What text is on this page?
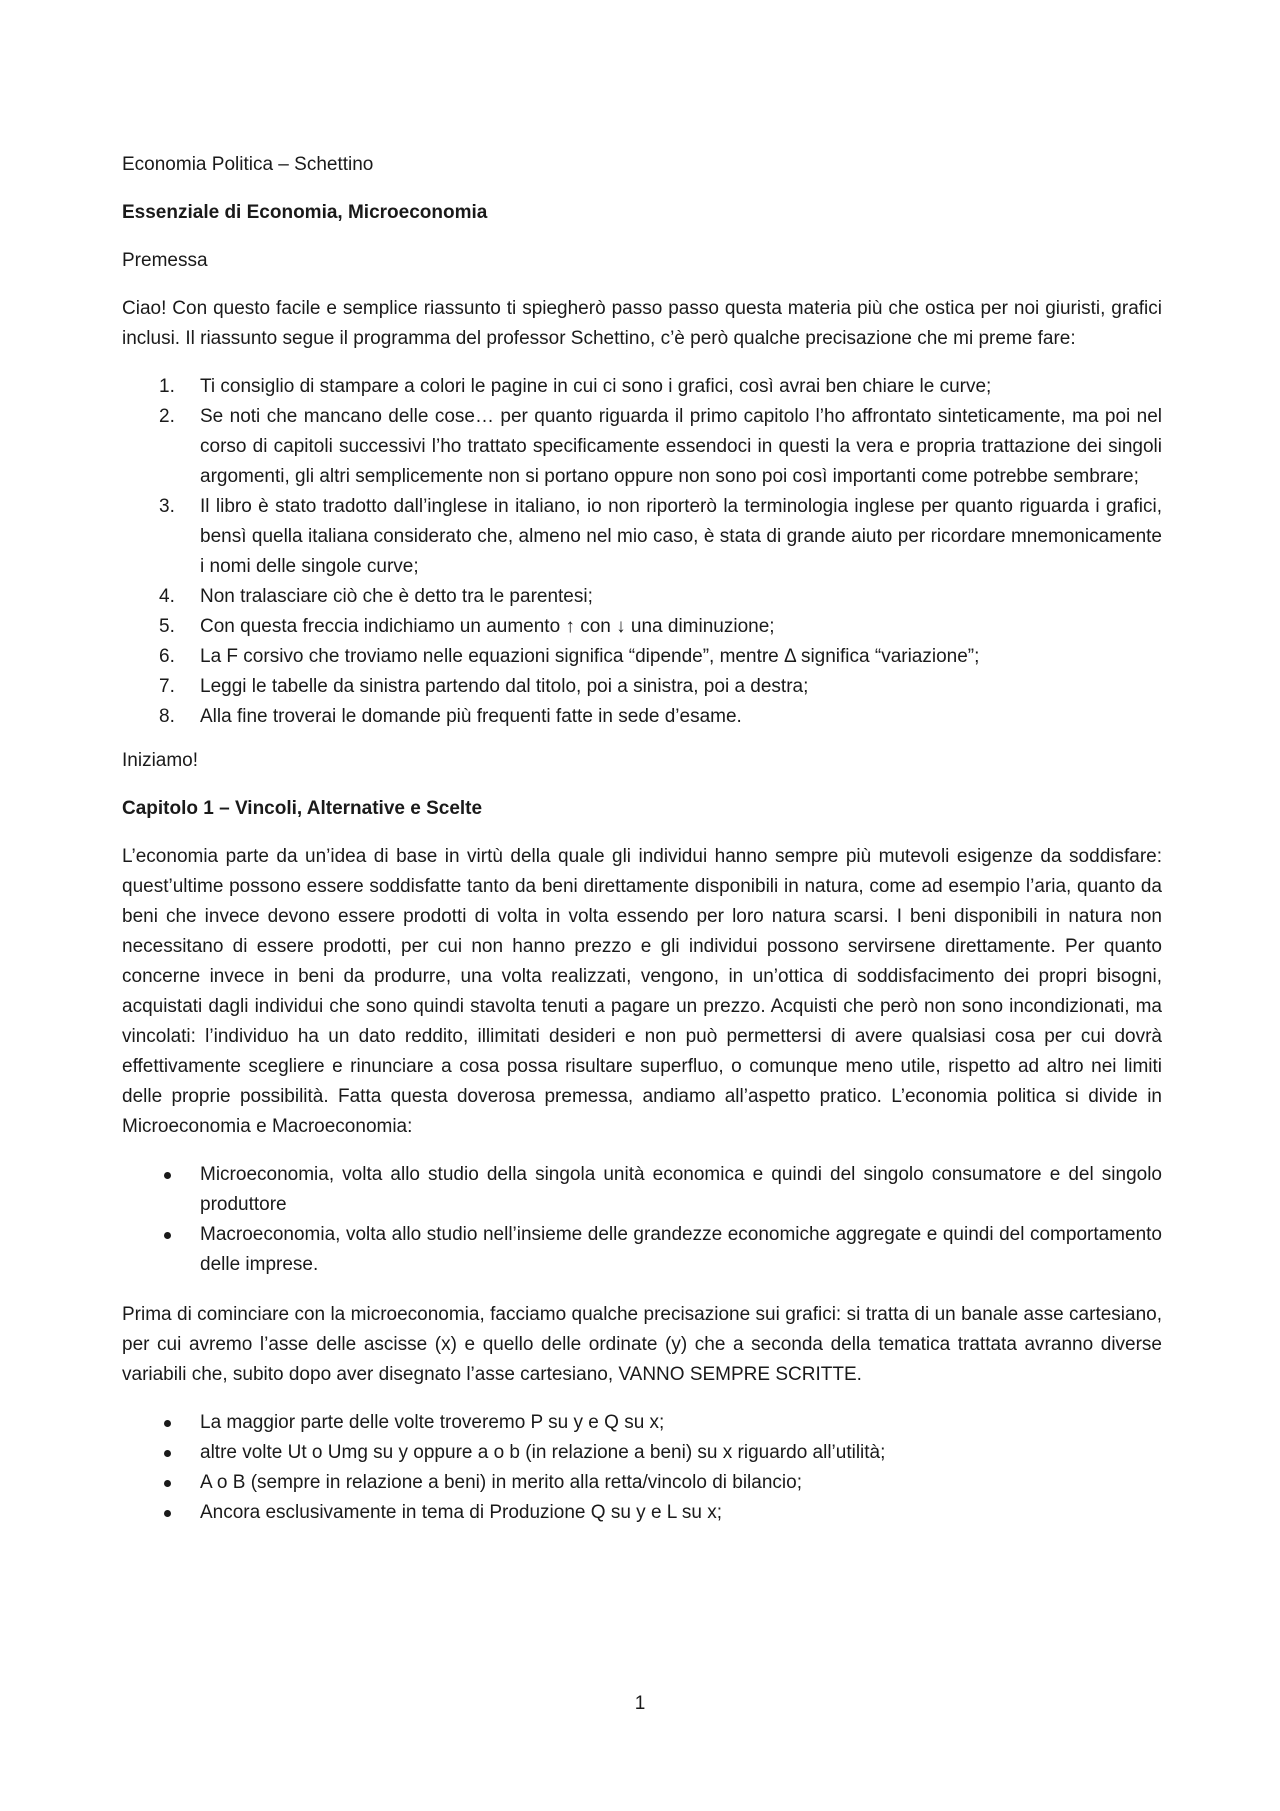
Economia Politica – Schettino

Essenziale di Economia, Microeconomia

Premessa

Ciao! Con questo facile e semplice riassunto ti spiegherò passo passo questa materia più che ostica per noi giuristi, grafici inclusi. Il riassunto segue il programma del professor Schettino, c’è però qualche precisazione che mi preme fare:

1.	Ti consiglio di stampare a colori le pagine in cui ci sono i grafici, così avrai ben chiare le curve;
2.	Se noti che mancano delle cose… per quanto riguarda il primo capitolo l’ho affrontato sinteticamente, ma poi nel corso di capitoli successivi l’ho trattato specificamente essendoci in questi la vera e propria trattazione dei singoli argomenti, gli altri semplicemente non si portano oppure non sono poi così importanti come potrebbe sembrare;
3.	Il libro è stato tradotto dall’inglese in italiano, io non riporterò la terminologia inglese per quanto riguarda i grafici, bensì quella italiana considerato che, almeno nel mio caso, è stata di grande aiuto per ricordare mnemonicamente i nomi delle singole curve;
4.	Non tralasciare ciò che è detto tra le parentesi;
5.	Con questa freccia indichiamo un aumento ↑ con ↓ una diminuzione;
6.	La F corsivo che troviamo nelle equazioni significa “dipende”, mentre Δ significa “variazione”;
7.	Leggi le tabelle da sinistra partendo dal titolo, poi a sinistra, poi a destra;
8.	Alla fine troverai le domande più frequenti fatte in sede d’esame.

Iniziamo!

Capitolo 1 – Vincoli, Alternative e Scelte

L’economia parte da un’idea di base in virtù della quale gli individui hanno sempre più mutevoli esigenze da soddisfare: quest’ultime possono essere soddisfatte tanto da beni direttamente disponibili in natura, come ad esempio l’aria, quanto da beni che invece devono essere prodotti di volta in volta essendo per loro natura scarsi. I beni disponibili in natura non necessitano di essere prodotti, per cui non hanno prezzo e gli individui possono servirsene direttamente. Per quanto concerne invece in beni da produrre, una volta realizzati, vengono, in un’ottica di soddisfacimento dei propri bisogni, acquistati dagli individui che sono quindi stavolta tenuti a pagare un prezzo. Acquisti che però non sono incondizionati, ma vincolati: l’individuo ha un dato reddito, illimitati desideri e non può permettersi di avere qualsiasi cosa per cui dovrà effettivamente scegliere e rinunciare a cosa possa risultare superfluo, o comunque meno utile, rispetto ad altro nei limiti delle proprie possibilità. Fatta questa doverosa premessa, andiamo all’aspetto pratico. L’economia politica si divide in Microeconomia e Macroeconomia:

Microeconomia, volta allo studio della singola unità economica e quindi del singolo consumatore e del singolo produttore
Macroeconomia, volta allo studio nell’insieme delle grandezze economiche aggregate e quindi del comportamento delle imprese.

Prima di cominciare con la microeconomia, facciamo qualche precisazione sui grafici: si tratta di un banale asse cartesiano, per cui avremo l’asse delle ascisse (x) e quello delle ordinate (y) che a seconda della tematica trattata avranno diverse variabili che, subito dopo aver disegnato l’asse cartesiano, VANNO SEMPRE SCRITTE.

La maggior parte delle volte troveremo P su y e Q su x;
altre volte Ut o Umg su y oppure a o b (in relazione a beni) su x riguardo all’utilità;
A o B (sempre in relazione a beni) in merito alla retta/vincolo di bilancio;
Ancora esclusivamente in tema di Produzione Q su y e L su x;
1
